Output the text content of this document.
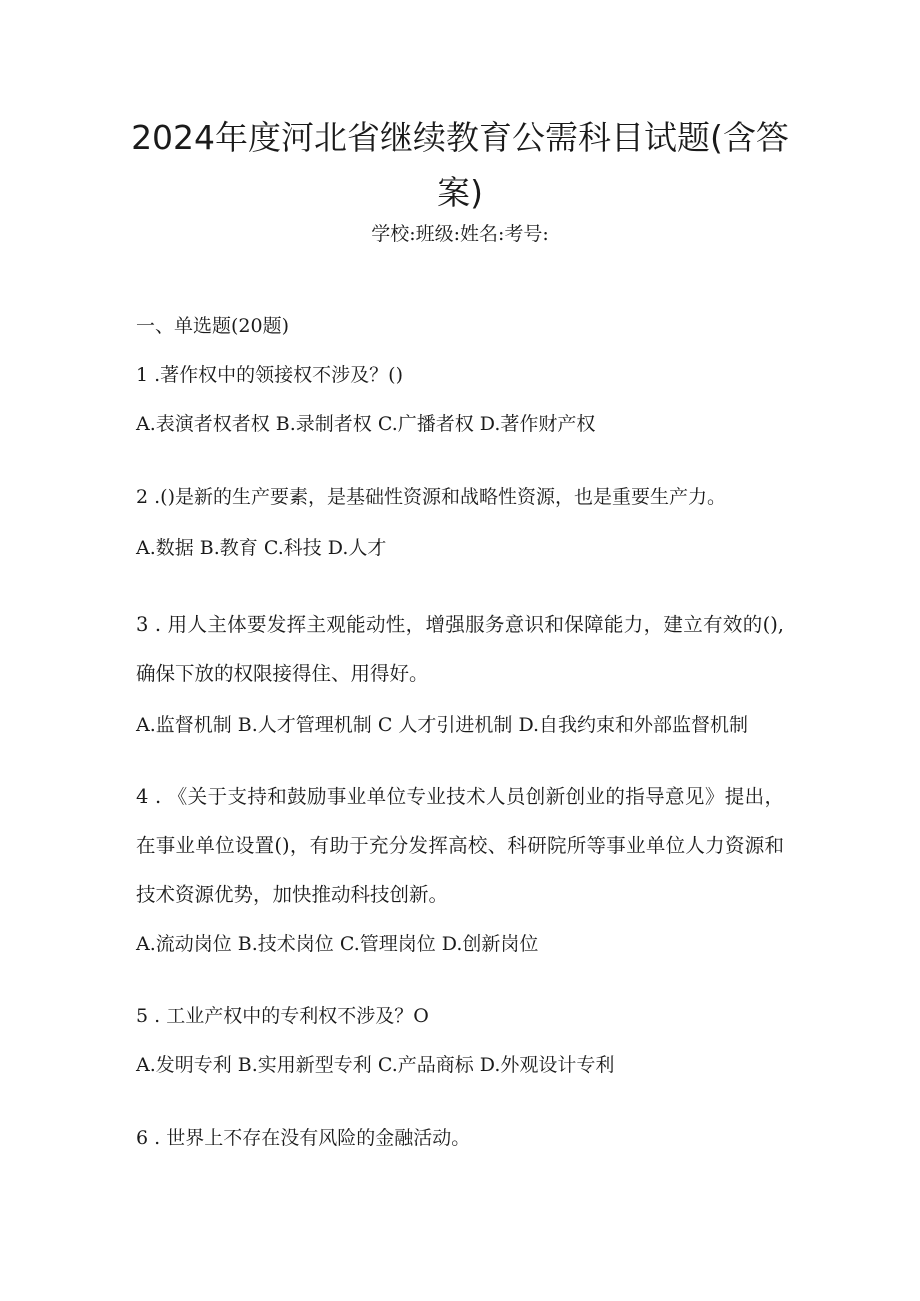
2024年度河北省继续教育公需科目试题(含答案)
学校:班级:姓名:考号:
一、单选题(20题)
1 .著作权中的领接权不涉及？()
A.表演者权者权 B.录制者权 C.广播者权 D.著作财产权
2 .()是新的生产要素，是基础性资源和战略性资源，也是重要生产力。
A.数据 B.教育 C.科技 D.人才
3 . 用人主体要发挥主观能动性，增强服务意识和保障能力，建立有效的(), 确保下放的权限接得住、用得好。
A.监督机制 B.人才管理机制 C 人才引进机制 D.自我约束和外部监督机制
4 . 《关于支持和鼓励事业单位专业技术人员创新创业的指导意见》提出，在事业单位设置()，有助于充分发挥高校、科研院所等事业单位人力资源和技术资源优势，加快推动科技创新。
A.流动岗位 B.技术岗位 C.管理岗位 D.创新岗位
5 . 工业产权中的专利权不涉及？O
A.发明专利 B.实用新型专利 C.产品商标 D.外观设计专利
6 . 世界上不存在没有风险的金融活动。
